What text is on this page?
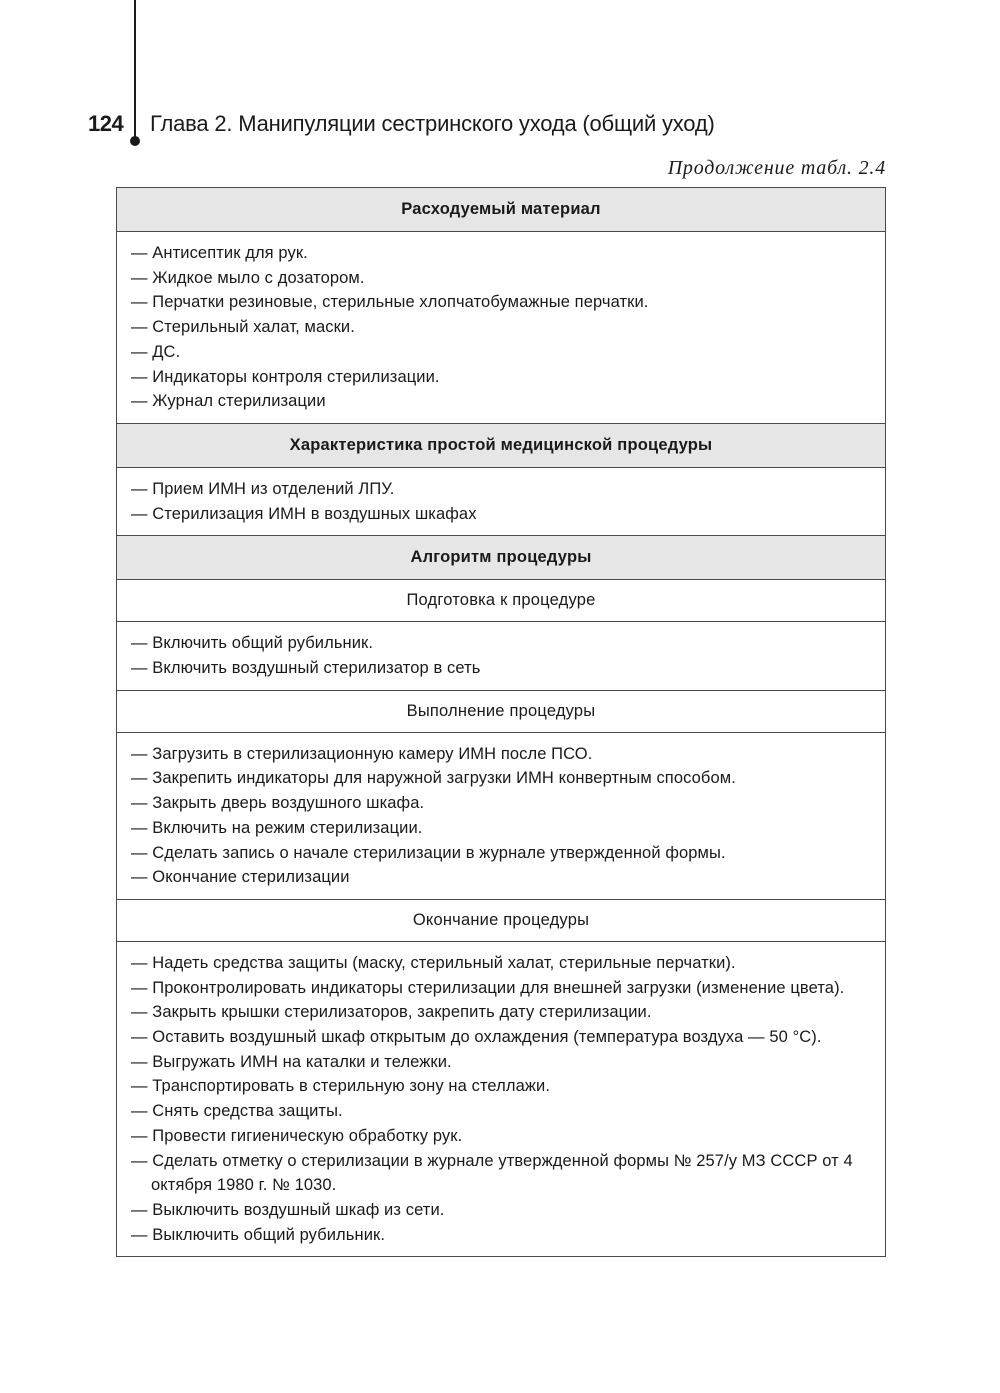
124 Глава 2. Манипуляции сестринского ухода (общий уход)
Продолжение табл. 2.4
Расходуемый материал
— Антисептик для рук.
— Жидкое мыло с дозатором.
— Перчатки резиновые, стерильные хлопчатобумажные перчатки.
— Стерильный халат, маски.
— ДС.
— Индикаторы контроля стерилизации.
— Журнал стерилизации
Характеристика простой медицинской процедуры
— Прием ИМН из отделений ЛПУ.
— Стерилизация ИМН в воздушных шкафах
Алгоритм процедуры
Подготовка к процедуре
— Включить общий рубильник.
— Включить воздушный стерилизатор в сеть
Выполнение процедуры
— Загрузить в стерилизационную камеру ИМН после ПСО.
— Закрепить индикаторы для наружной загрузки ИМН конвертным способом.
— Закрыть дверь воздушного шкафа.
— Включить на режим стерилизации.
— Сделать запись о начале стерилизации в журнале утвержденной формы.
— Окончание стерилизации
Окончание процедуры
— Надеть средства защиты (маску, стерильный халат, стерильные перчатки).
— Проконтролировать индикаторы стерилизации для внешней загрузки (изменение цвета).
— Закрыть крышки стерилизаторов, закрепить дату стерилизации.
— Оставить воздушный шкаф открытым до охлаждения (температура воздуха — 50 °С).
— Выгружать ИМН на каталки и тележки.
— Транспортировать в стерильную зону на стеллажи.
— Снять средства защиты.
— Провести гигиеническую обработку рук.
— Сделать отметку о стерилизации в журнале утвержденной формы № 257/у МЗ СССР от 4 октября 1980 г. № 1030.
— Выключить воздушный шкаф из сети.
— Выключить общий рубильник.
